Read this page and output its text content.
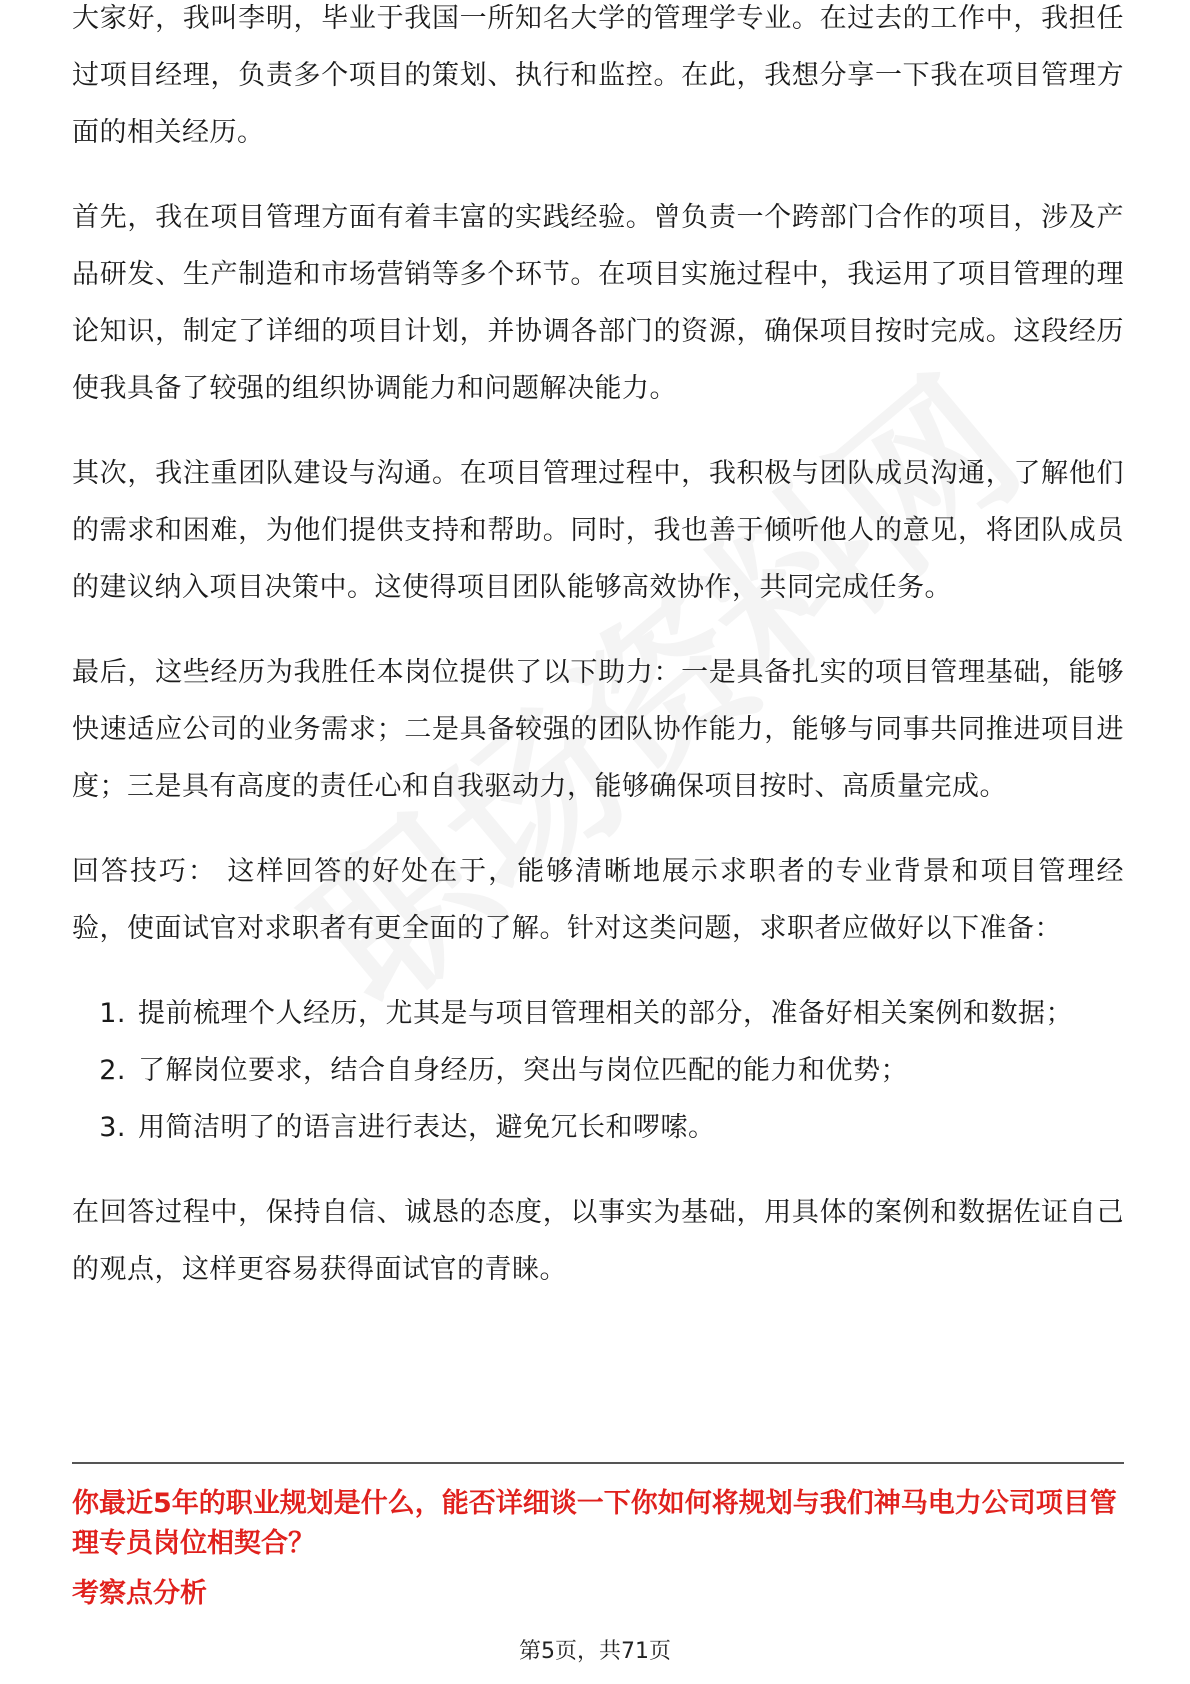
大家好，我叫李明，毕业于我国一所知名大学的管理学专业。在过去的工作中，我担任过项目经理，负责多个项目的策划、执行和监控。在此，我想分享一下我在项目管理方面的相关经历。

首先，我在项目管理方面有着丰富的实践经验。曾负责一个跨部门合作的项目，涉及产品研发、生产制造和市场营销等多个环节。在项目实施过程中，我运用了项目管理的理论知识，制定了详细的项目计划，并协调各部门的资源，确保项目按时完成。这段经历使我具备了较强的组织协调能力和问题解决能力。

其次，我注重团队建设与沟通。在项目管理过程中，我积极与团队成员沟通，了解他们的需求和困难，为他们提供支持和帮助。同时，我也善于倾听他人的意见，将团队成员的建议纳入项目决策中。这使得项目团队能够高效协作，共同完成任务。

最后，这些经历为我胜任本岗位提供了以下助力：一是具备扎实的项目管理基础，能够快速适应公司的业务需求；二是具备较强的团队协作能力，能够与同事共同推进项目进度；三是具有高度的责任心和自我驱动力，能够确保项目按时、高质量完成。

回答技巧： 这样回答的好处在于，能够清晰地展示求职者的专业背景和项目管理经验，使面试官对求职者有更全面的了解。针对这类问题，求职者应做好以下准备：

1. 提前梳理个人经历，尤其是与项目管理相关的部分，准备好相关案例和数据；
2. 了解岗位要求，结合自身经历，突出与岗位匹配的能力和优势；
3. 用简洁明了的语言进行表达，避免冗长和啰嗦。

在回答过程中，保持自信、诚恳的态度，以事实为基础，用具体的案例和数据佐证自己的观点，这样更容易获得面试官的青睐。

你最近5年的职业规划是什么，能否详细谈一下你如何将规划与我们神马电力公司项目管理专员岗位相契合？

考察点分析

第5页，共71页
